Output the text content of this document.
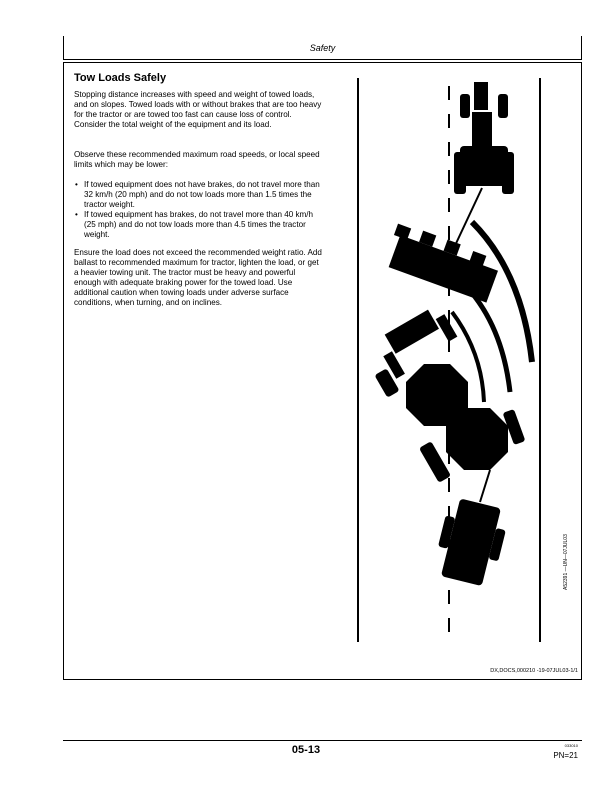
Safety
Tow Loads Safely

Stopping distance increases with speed and weight of towed loads, and on slopes. Towed loads with or without brakes that are too heavy for the tractor or are towed too fast can cause loss of control. Consider the total weight of the equipment and its load.

Observe these recommended maximum road speeds, or local speed limits which may be lower:

• If towed equipment does not have brakes, do not travel more than 32 km/h (20 mph) and do not tow loads more than 1.5 times the tractor weight.
• If towed equipment has brakes, do not travel more than 40 km/h (25 mph) and do not tow loads more than 4.5 times the tractor weight.

Ensure the load does not exceed the recommended weight ratio. Add ballast to recommended maximum for tractor, lighten the load, or get a heavier towing unit. The tractor must be heavy and powerful enough with adequate braking power for the towed load. Use additional caution when towing loads under adverse surface conditions, when turning, and on inclines.

A52391 —UN—07JUL03
DX,DOCS,000210 -19-07JUL03-1/1
05-13	033010
PN=21
